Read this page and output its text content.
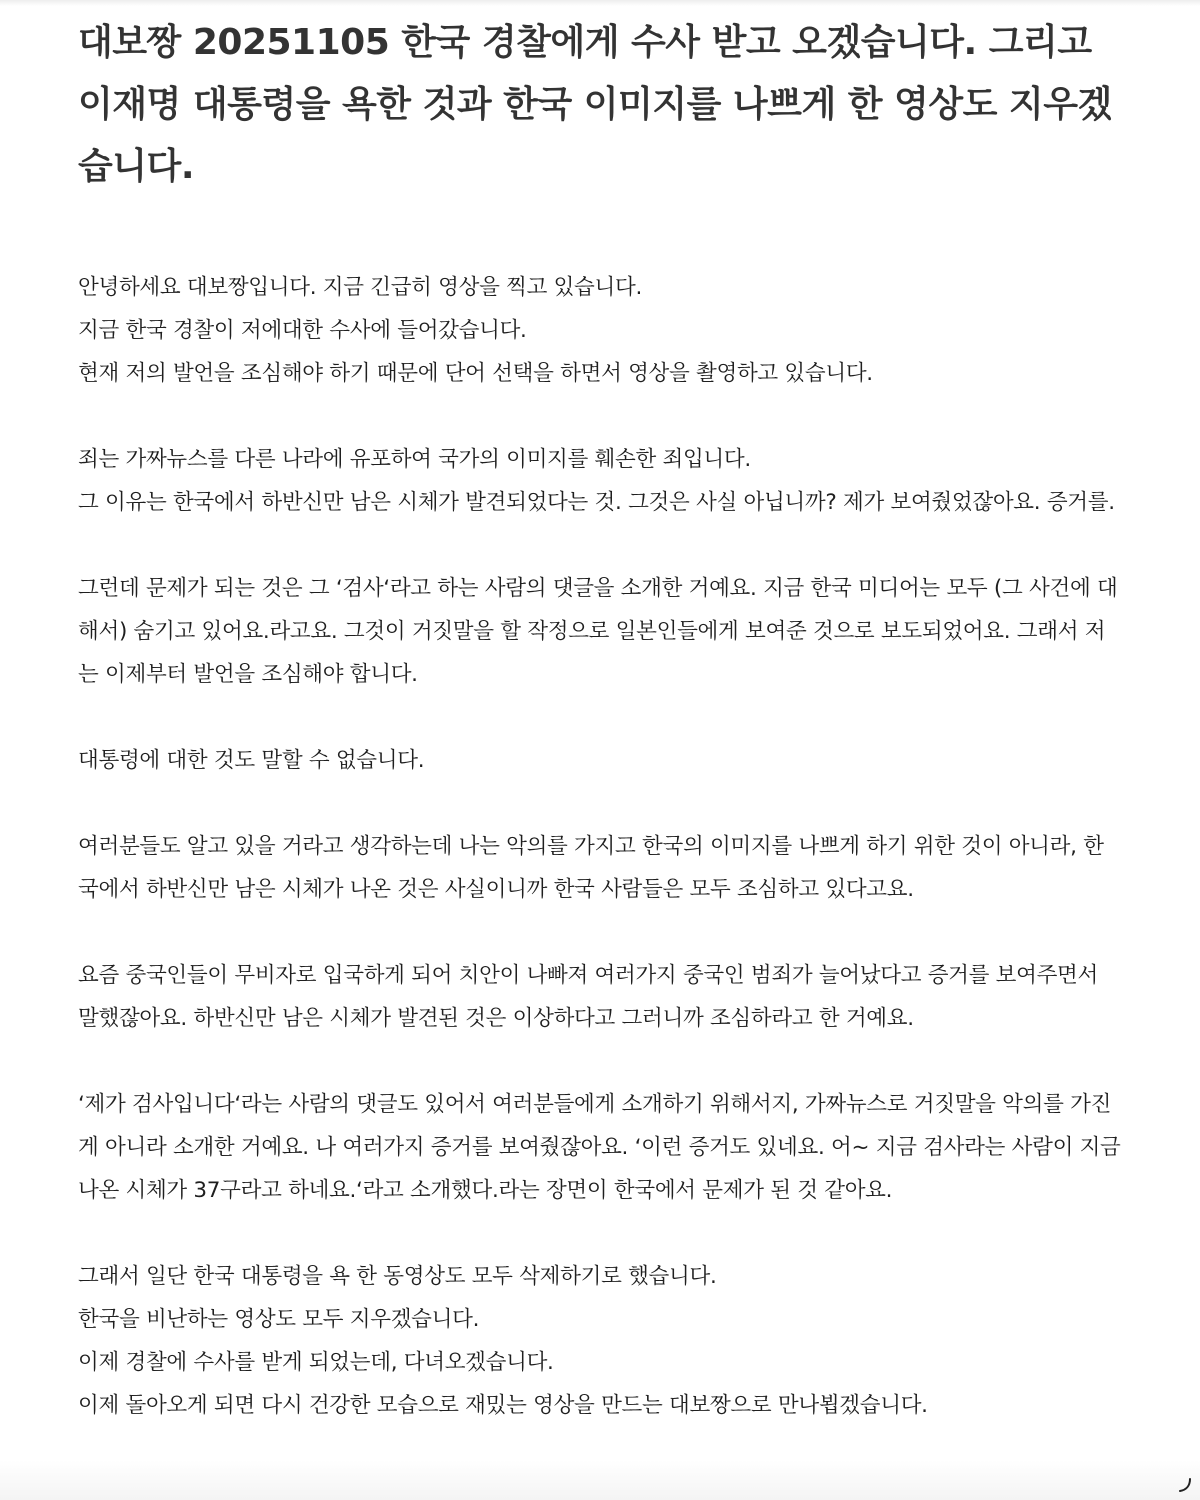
대보짱 20251105 한국 경찰에게 수사 받고 오겠습니다. 그리고 이재명 대통령을 욕한 것과 한국 이미지를 나쁘게 한 영상도 지우겠습니다.

안녕하세요 대보짱입니다. 지금 긴급히 영상을 찍고 있습니다.
지금 한국 경찰이 저에대한 수사에 들어갔습니다.
현재 저의 발언을 조심해야 하기 때문에 단어 선택을 하면서 영상을 촬영하고 있습니다.

죄는 가짜뉴스를 다른 나라에 유포하여 국가의 이미지를 훼손한 죄입니다.
그 이유는 한국에서 하반신만 남은 시체가 발견되었다는 것. 그것은 사실 아닙니까? 제가 보여줬었잖아요. 증거를.

그런데 문제가 되는 것은 그 ‘검사‘라고 하는 사람의 댓글을 소개한 거예요. 지금 한국 미디어는 모두 (그 사건에 대해서) 숨기고 있어요.라고요. 그것이 거짓말을 할 작정으로 일본인들에게 보여준 것으로 보도되었어요. 그래서 저는 이제부터 발언을 조심해야 합니다.

대통령에 대한 것도 말할 수 없습니다.

여러분들도 알고 있을 거라고 생각하는데 나는 악의를 가지고 한국의 이미지를 나쁘게 하기 위한 것이 아니라, 한국에서 하반신만 남은 시체가 나온 것은 사실이니까 한국 사람들은 모두 조심하고 있다고요.

요즘 중국인들이 무비자로 입국하게 되어 치안이 나빠져 여러가지 중국인 범죄가 늘어났다고 증거를 보여주면서 말했잖아요. 하반신만 남은 시체가 발견된 것은 이상하다고 그러니까 조심하라고 한 거예요.

‘제가 검사입니다‘라는 사람의 댓글도 있어서 여러분들에게 소개하기 위해서지, 가짜뉴스로 거짓말을 악의를 가진 게 아니라 소개한 거예요. 나 여러가지 증거를 보여줬잖아요. ‘이런 증거도 있네요. 어~ 지금 검사라는 사람이 지금 나온 시체가 37구라고 하네요.‘라고 소개했다.라는 장면이 한국에서 문제가 된 것 같아요.

그래서 일단 한국 대통령을 욕 한 동영상도 모두 삭제하기로 했습니다.
한국을 비난하는 영상도 모두 지우겠습니다.
이제 경찰에 수사를 받게 되었는데, 다녀오겠습니다.
이제 돌아오게 되면 다시 건강한 모습으로 재밌는 영상을 만드는 대보짱으로 만나뵙겠습니다.
